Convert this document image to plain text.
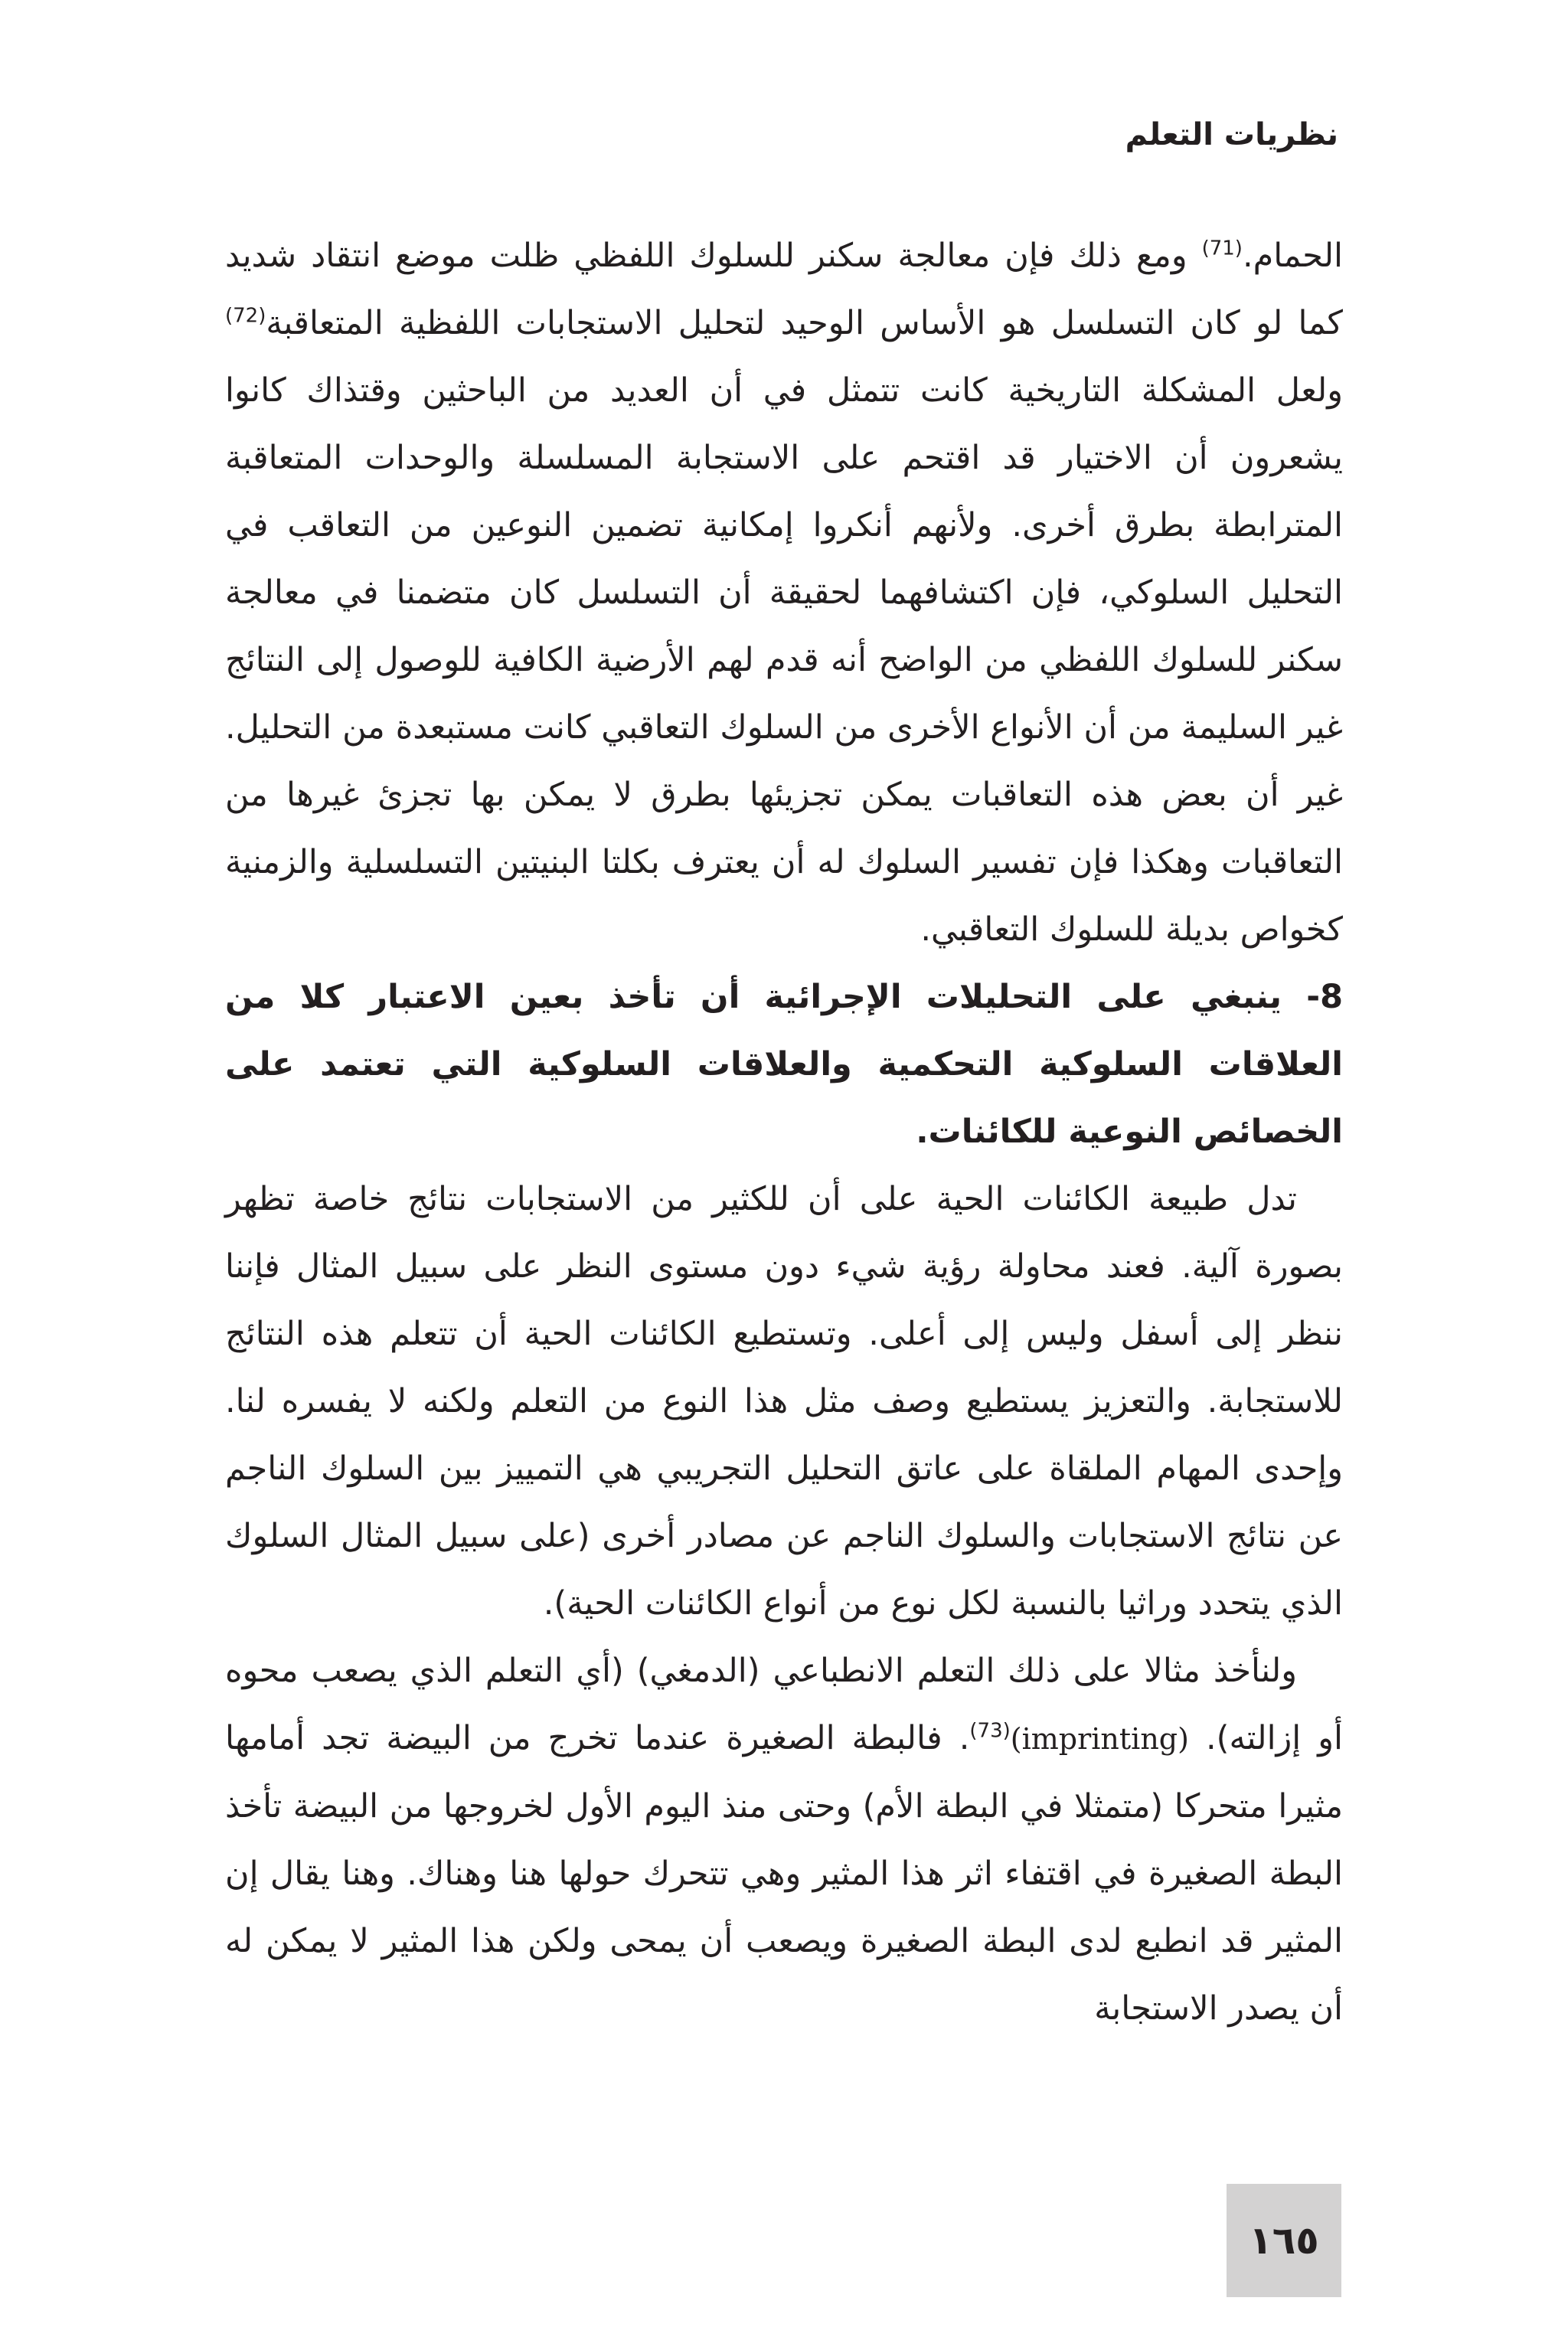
نظريات التعلم

الحمام.$^{(71)}$ ومع ذلك فإن معالجة سكنر للسلوك اللفظي ظلت موضع انتقاد شديد كما لو كان التسلسل هو الأساس الوحيد لتحليل الاستجابات اللفظية المتعاقبة$^{(72)}$ ولعل المشكلة التاريخية كانت تتمثل في أن العديد من الباحثين وقتذاك كانوا يشعرون أن الاختيار قد اقتحم على الاستجابة المسلسلة والوحدات المتعاقبة المترابطة بطرق أخرى. ولأنهم أنكروا إمكانية تضمين النوعين من التعاقب في التحليل السلوكي، فإن اكتشافهما لحقيقة أن التسلسل كان متضمنا في معالجة سكنر للسلوك اللفظي من الواضح أنه قدم لهم الأرضية الكافية للوصول إلى النتائج غير السليمة من أن الأنواع الأخرى من السلوك التعاقبي كانت مستبعدة من التحليل. غير أن بعض هذه التعاقبات يمكن تجزيئها بطرق لا يمكن بها تجزئ غيرها من التعاقبات وهكذا فإن تفسير السلوك له أن يعترف بكلتا البنيتين التسلسلية والزمنية كخواص بديلة للسلوك التعاقبي.

8- ينبغي على التحليلات الإجرائية أن تأخذ بعين الاعتبار كلا من العلاقات السلوكية التحكمية والعلاقات السلوكية التي تعتمد على الخصائص النوعية للكائنات.

تدل طبيعة الكائنات الحية على أن للكثير من الاستجابات نتائج خاصة تظهر بصورة آلية. فعند محاولة رؤية شيء دون مستوى النظر على سبيل المثال فإننا ننظر إلى أسفل وليس إلى أعلى. وتستطيع الكائنات الحية أن تتعلم هذه النتائج للاستجابة. والتعزيز يستطيع وصف مثل هذا النوع من التعلم ولكنه لا يفسره لنا. وإحدى المهام الملقاة على عاتق التحليل التجريبي هي التمييز بين السلوك الناجم عن نتائج الاستجابات والسلوك الناجم عن مصادر أخرى (على سبيل المثال السلوك الذي يتحدد وراثيا بالنسبة لكل نوع من أنواع الكائنات الحية).

ولنأخذ مثالا على ذلك التعلم الانطباعي (الدمغي) (أي التعلم الذي يصعب محوه أو إزالته). (imprinting)$^{(73)}$. فالبطة الصغيرة عندما تخرج من البيضة تجد أمامها مثيرا متحركا (متمثلا في البطة الأم) وحتى منذ اليوم الأول لخروجها من البيضة تأخذ البطة الصغيرة في اقتفاء اثر هذا المثير وهي تتحرك حولها هنا وهناك. وهنا يقال إن المثير قد انطبع لدى البطة الصغيرة ويصعب أن يمحى ولكن هذا المثير لا يمكن له أن يصدر الاستجابة

١٦٥
